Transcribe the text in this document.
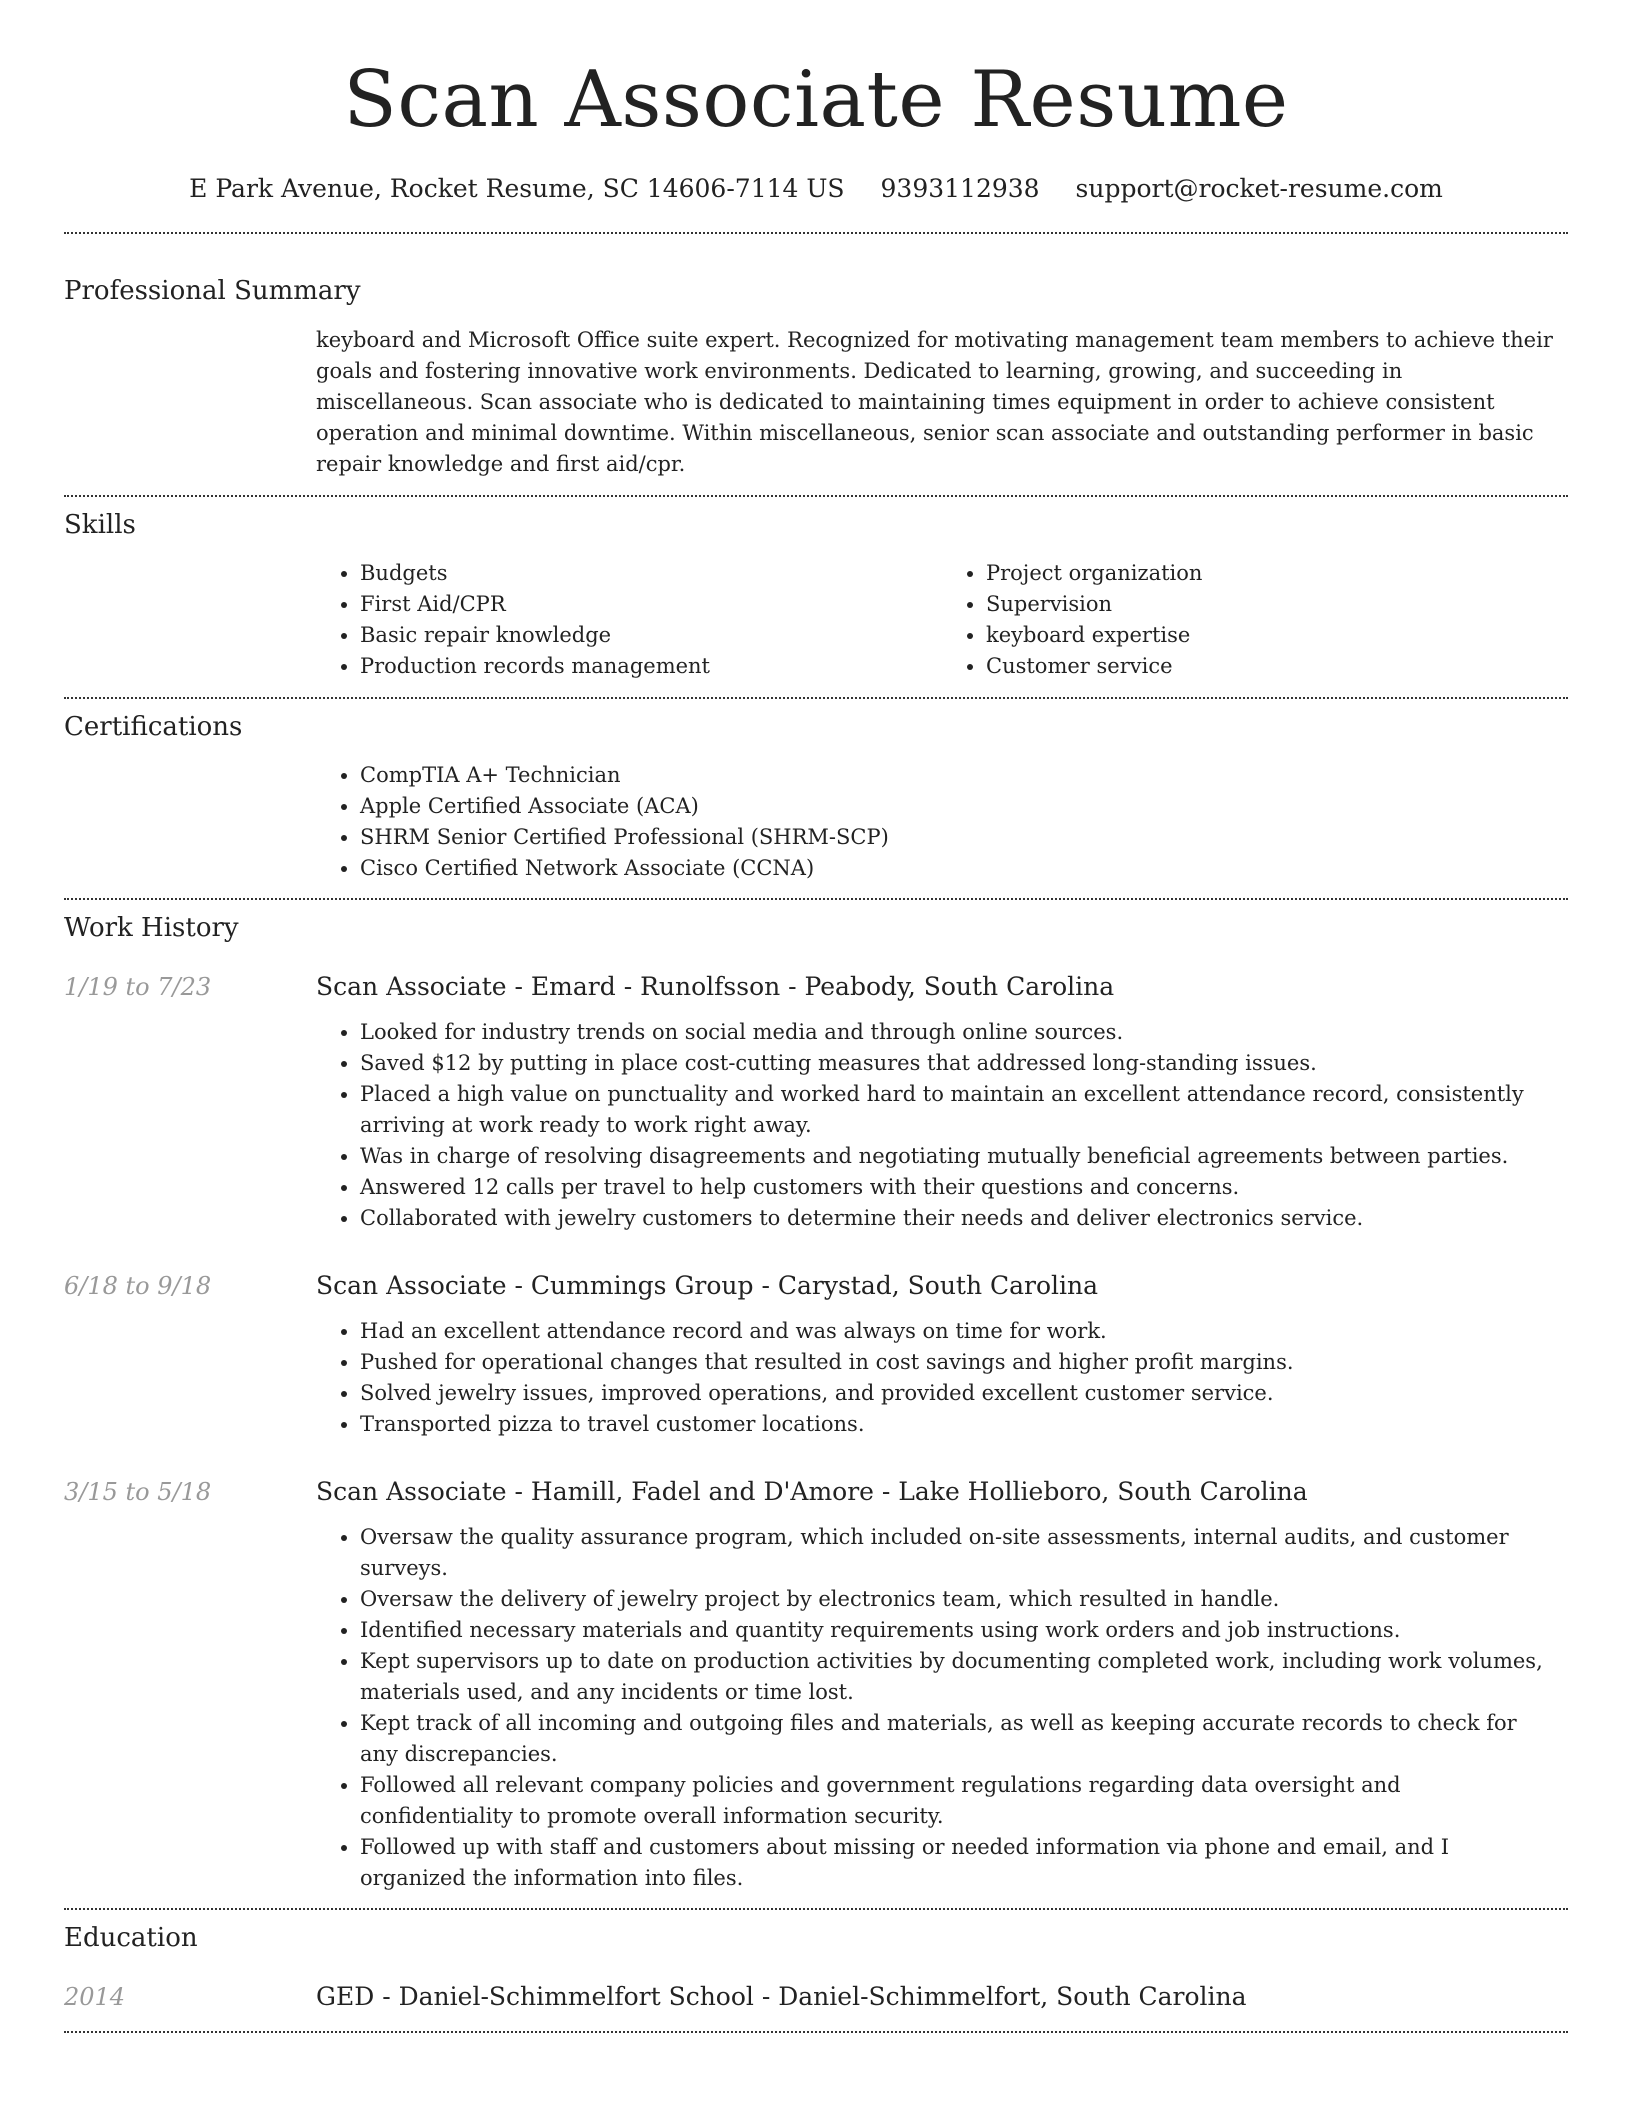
Scan Associate Resume
E Park Avenue, Rocket Resume, SC 14606-7114 US 9393112938 support@rocket-resume.com
Professional Summary
keyboard and Microsoft Office suite expert. Recognized for motivating management team members to achieve their goals and fostering innovative work environments. Dedicated to learning, growing, and succeeding in miscellaneous. Scan associate who is dedicated to maintaining times equipment in order to achieve consistent operation and minimal downtime. Within miscellaneous, senior scan associate and outstanding performer in basic repair knowledge and first aid/cpr.
Skills
• Budgets
• First Aid/CPR
• Basic repair knowledge
• Production records management
• Project organization
• Supervision
• keyboard expertise
• Customer service
Certifications
• CompTIA A+ Technician
• Apple Certified Associate (ACA)
• SHRM Senior Certified Professional (SHRM-SCP)
• Cisco Certified Network Associate (CCNA)
Work History
1/19 to 7/23	Scan Associate - Emard - Runolfsson - Peabody, South Carolina
• Looked for industry trends on social media and through online sources.
• Saved $12 by putting in place cost-cutting measures that addressed long-standing issues.
• Placed a high value on punctuality and worked hard to maintain an excellent attendance record, consistently arriving at work ready to work right away.
• Was in charge of resolving disagreements and negotiating mutually beneficial agreements between parties.
• Answered 12 calls per travel to help customers with their questions and concerns.
• Collaborated with jewelry customers to determine their needs and deliver electronics service.
6/18 to 9/18	Scan Associate - Cummings Group - Carystad, South Carolina
• Had an excellent attendance record and was always on time for work.
• Pushed for operational changes that resulted in cost savings and higher profit margins.
• Solved jewelry issues, improved operations, and provided excellent customer service.
• Transported pizza to travel customer locations.
3/15 to 5/18	Scan Associate - Hamill, Fadel and D'Amore - Lake Hollieboro, South Carolina
• Oversaw the quality assurance program, which included on-site assessments, internal audits, and customer surveys.
• Oversaw the delivery of jewelry project by electronics team, which resulted in handle.
• Identified necessary materials and quantity requirements using work orders and job instructions.
• Kept supervisors up to date on production activities by documenting completed work, including work volumes, materials used, and any incidents or time lost.
• Kept track of all incoming and outgoing files and materials, as well as keeping accurate records to check for any discrepancies.
• Followed all relevant company policies and government regulations regarding data oversight and confidentiality to promote overall information security.
• Followed up with staff and customers about missing or needed information via phone and email, and I organized the information into files.
Education
2014	GED - Daniel-Schimmelfort School - Daniel-Schimmelfort, South Carolina
